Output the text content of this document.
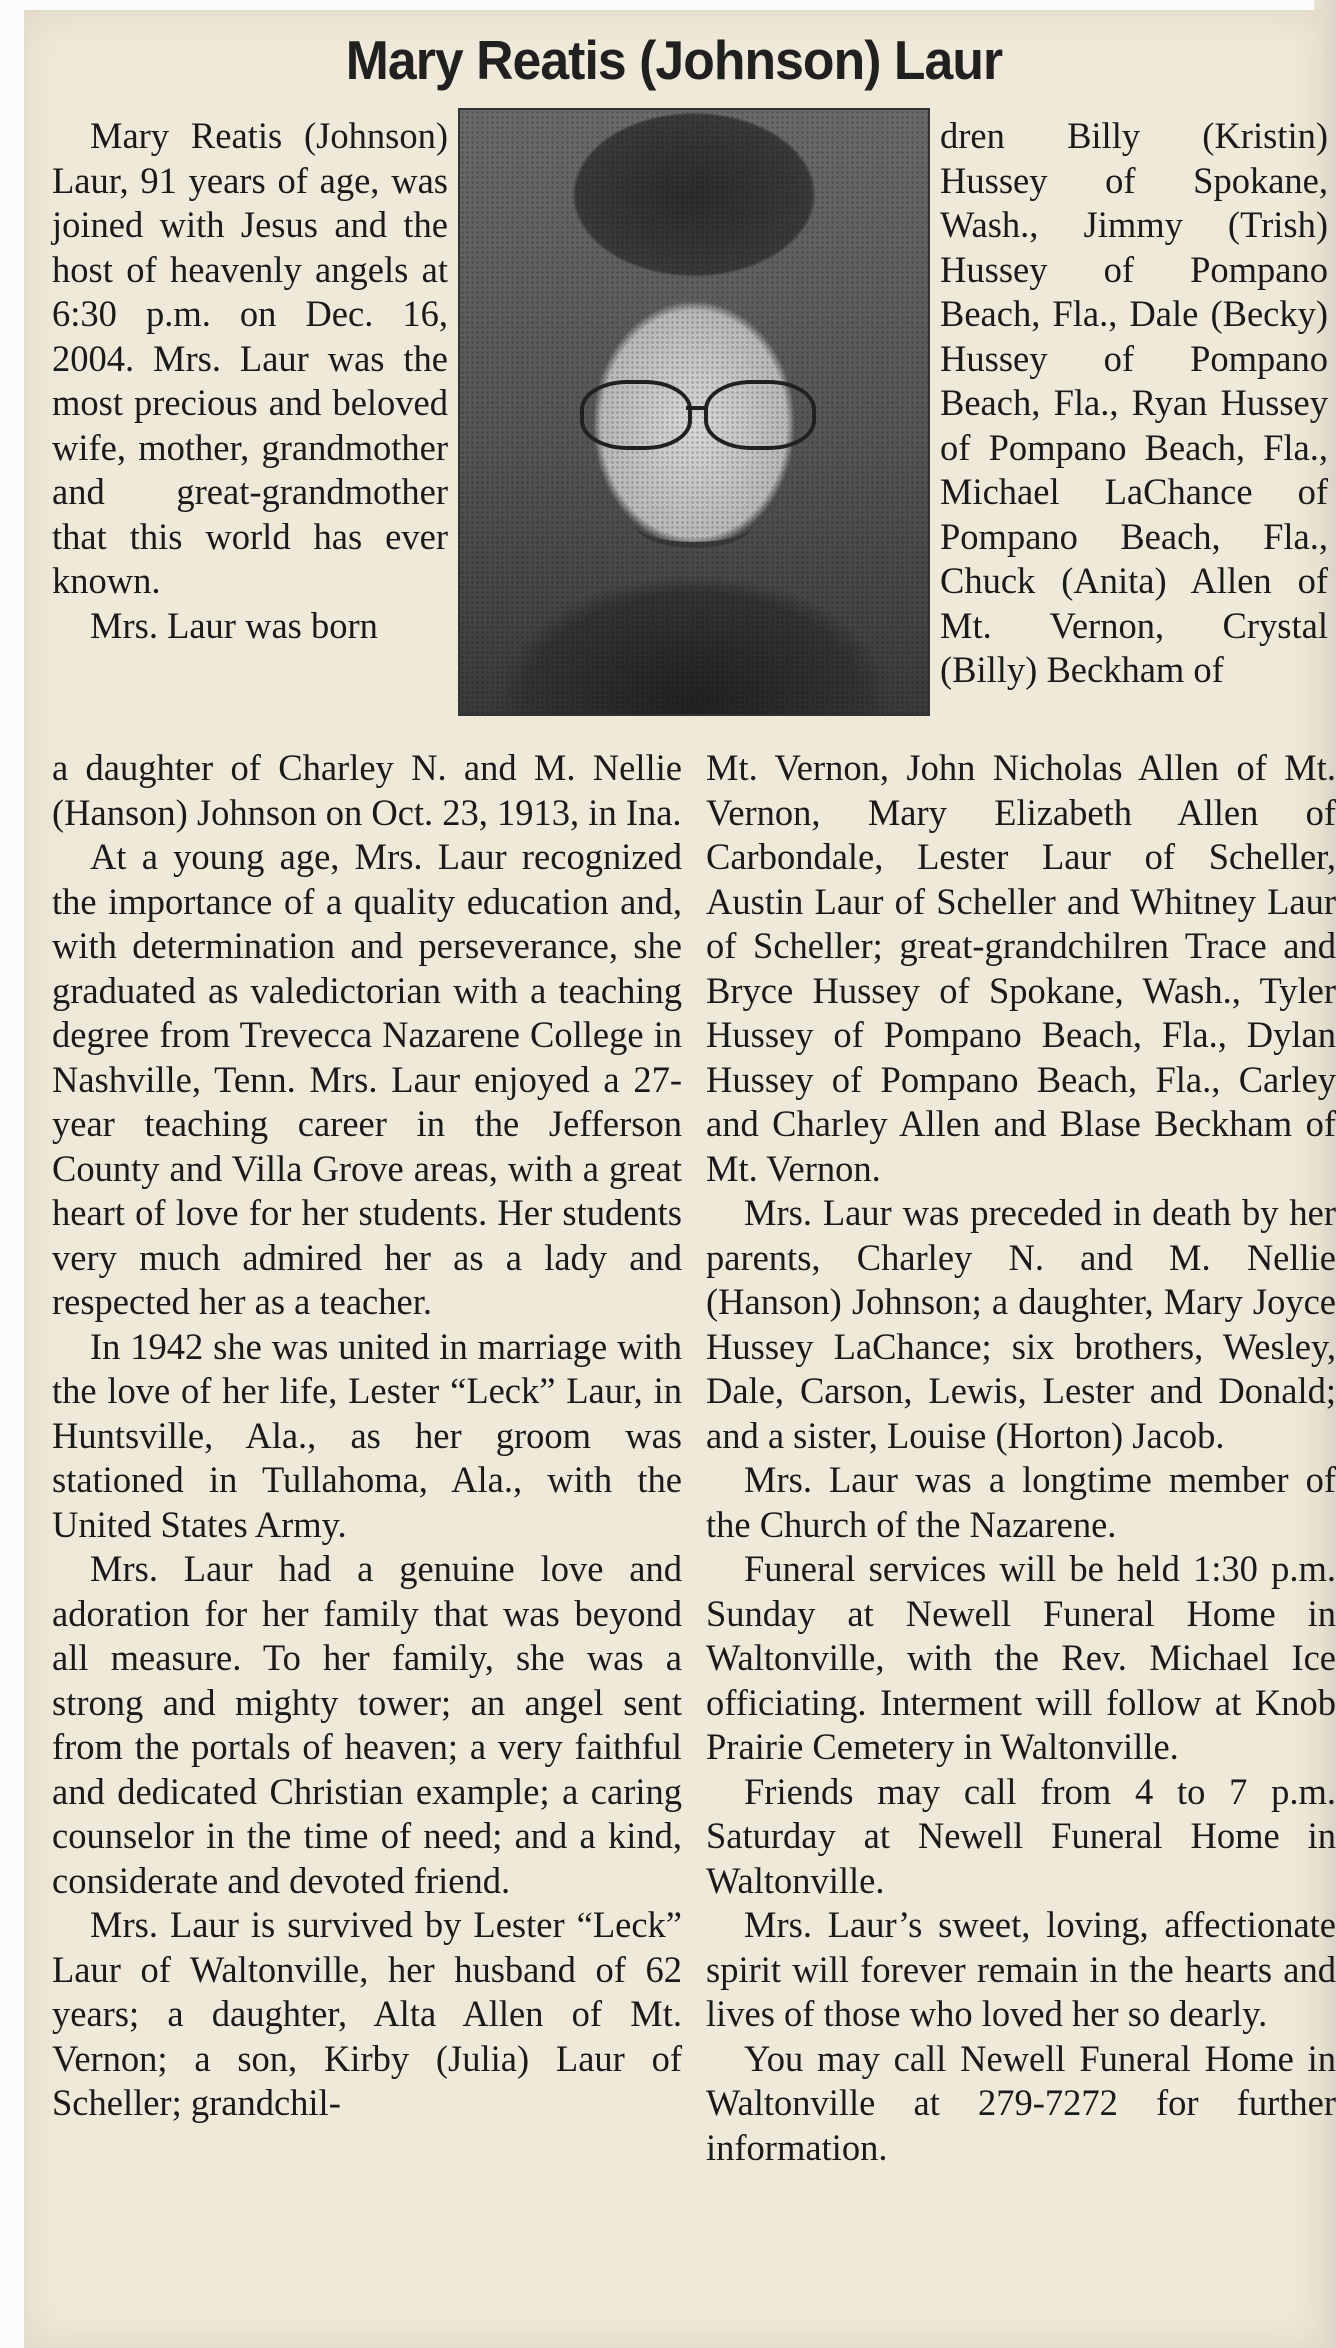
Mary Reatis (Johnson) Laur

Mary Reatis (Johnson) Laur, 91 years of age, was joined with Jesus and the host of heavenly angels at 6:30 p.m. on Dec. 16, 2004. Mrs. Laur was the most precious and beloved wife, mother, grandmother and great-grandmother that this world has ever known.

Mrs. Laur was born

dren Billy (Kristin) Hussey of Spokane, Wash., Jimmy (Trish) Hussey of Pompano Beach, Fla., Dale (Becky) Hussey of Pompano Beach, Fla., Ryan Hussey of Pompano Beach, Fla., Michael LaChance of Pompano Beach, Fla., Chuck (Anita) Allen of Mt. Vernon, Crystal (Billy) Beckham of

a daughter of Charley N. and M. Nellie (Hanson) Johnson on Oct. 23, 1913, in Ina.

At a young age, Mrs. Laur recognized the importance of a quality education and, with determination and perseverance, she graduated as valedictorian with a teaching degree from Trevecca Nazarene College in Nashville, Tenn. Mrs. Laur enjoyed a 27-year teaching career in the Jefferson County and Villa Grove areas, with a great heart of love for her students. Her students very much admired her as a lady and respected her as a teacher.

In 1942 she was united in marriage with the love of her life, Lester “Leck” Laur, in Huntsville, Ala., as her groom was stationed in Tullahoma, Ala., with the United States Army.

Mrs. Laur had a genuine love and adoration for her family that was beyond all measure. To her family, she was a strong and mighty tower; an angel sent from the portals of heaven; a very faithful and dedicated Christian example; a caring counselor in the time of need; and a kind, considerate and devoted friend.

Mrs. Laur is survived by Lester “Leck” Laur of Waltonville, her husband of 62 years; a daughter, Alta Allen of Mt. Vernon; a son, Kirby (Julia) Laur of Scheller; grandchil-

Mt. Vernon, John Nicholas Allen of Mt. Vernon, Mary Elizabeth Allen of Carbondale, Lester Laur of Scheller, Austin Laur of Scheller and Whitney Laur of Scheller; great-grandchilren Trace and Bryce Hussey of Spokane, Wash., Tyler Hussey of Pompano Beach, Fla., Dylan Hussey of Pompano Beach, Fla., Carley and Charley Allen and Blase Beckham of Mt. Vernon.

Mrs. Laur was preceded in death by her parents, Charley N. and M. Nellie (Hanson) Johnson; a daughter, Mary Joyce Hussey LaChance; six brothers, Wesley, Dale, Carson, Lewis, Lester and Donald; and a sister, Louise (Horton) Jacob.

Mrs. Laur was a longtime member of the Church of the Nazarene.

Funeral services will be held 1:30 p.m. Sunday at Newell Funeral Home in Waltonville, with the Rev. Michael Ice officiating. Interment will follow at Knob Prairie Cemetery in Waltonville.

Friends may call from 4 to 7 p.m. Saturday at Newell Funeral Home in Waltonville.

Mrs. Laur’s sweet, loving, affectionate spirit will forever remain in the hearts and lives of those who loved her so dearly.

You may call Newell Funeral Home in Waltonville at 279-7272 for further information.
